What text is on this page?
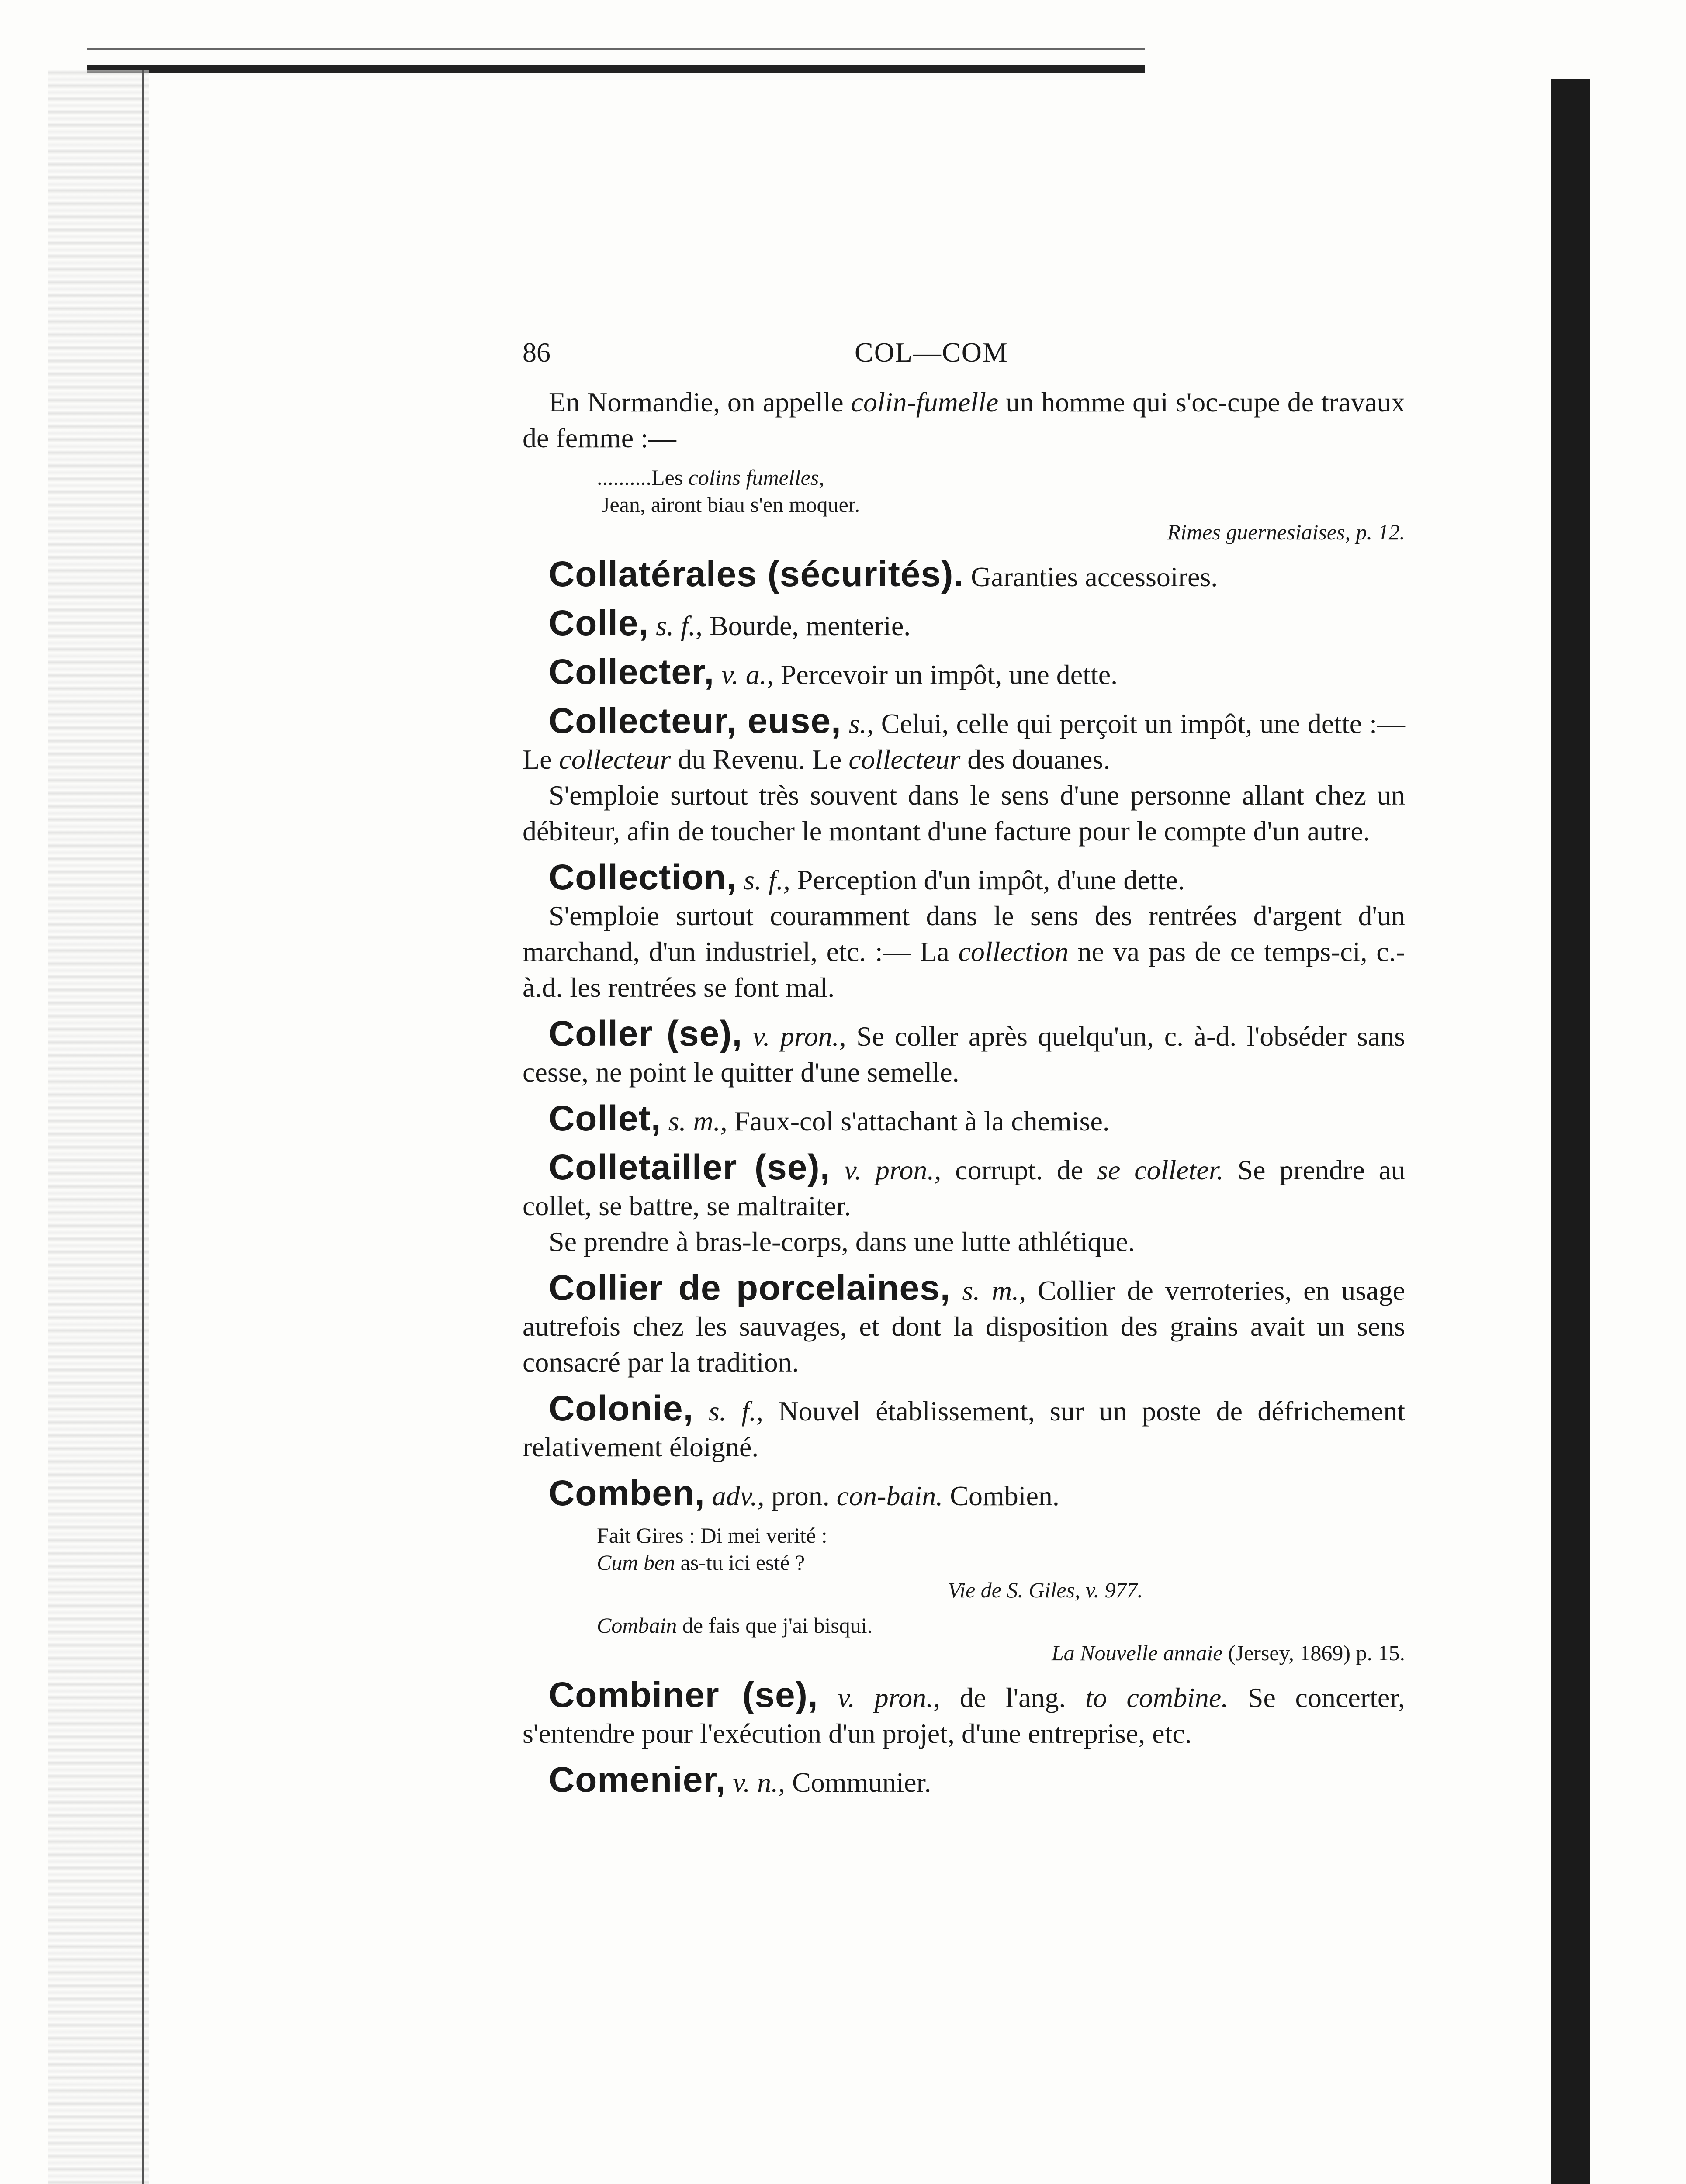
86	COL—COM

En Normandie, on appelle colin-fumelle un homme qui s'oc-cupe de travaux de femme :—

..........Les colins fumelles,
Jean, airont biau s'en moquer.
Rimes guernesiaises, p. 12.

Collatérales (sécurités). Garanties accessoires.

Colle, s. f., Bourde, menterie.

Collecter, v. a., Percevoir un impôt, une dette.

Collecteur, euse, s., Celui, celle qui perçoit un impôt, une dette :— Le collecteur du Revenu. Le collecteur des douanes.

S'emploie surtout très souvent dans le sens d'une personne allant chez un débiteur, afin de toucher le montant d'une facture pour le compte d'un autre.

Collection, s. f., Perception d'un impôt, d'une dette.

S'emploie surtout couramment dans le sens des rentrées d'argent d'un marchand, d'un industriel, etc. :— La collection ne va pas de ce temps-ci, c.-à.d. les rentrées se font mal.

Coller (se), v. pron., Se coller après quelqu'un, c. à-d. l'obséder sans cesse, ne point le quitter d'une semelle.

Collet, s. m., Faux-col s'attachant à la chemise.

Colletailler (se), v. pron., corrupt. de se colleter. Se prendre au collet, se battre, se maltraiter.

Se prendre à bras-le-corps, dans une lutte athlétique.

Collier de porcelaines, s. m., Collier de verroteries, en usage autrefois chez les sauvages, et dont la disposition des grains avait un sens consacré par la tradition.

Colonie, s. f., Nouvel établissement, sur un poste de défrichement relativement éloigné.

Comben, adv., pron. con-bain. Combien.

Fait Gires : Di mei verité :
Cum ben as-tu ici esté ?
Vie de S. Giles, v. 977.
Combain de fais que j'ai bisqui.
La Nouvelle annaie (Jersey, 1869) p. 15.

Combiner (se), v. pron., de l'ang. to combine. Se concerter, s'entendre pour l'exécution d'un projet, d'une entreprise, etc.

Comenier, v. n., Communier.
